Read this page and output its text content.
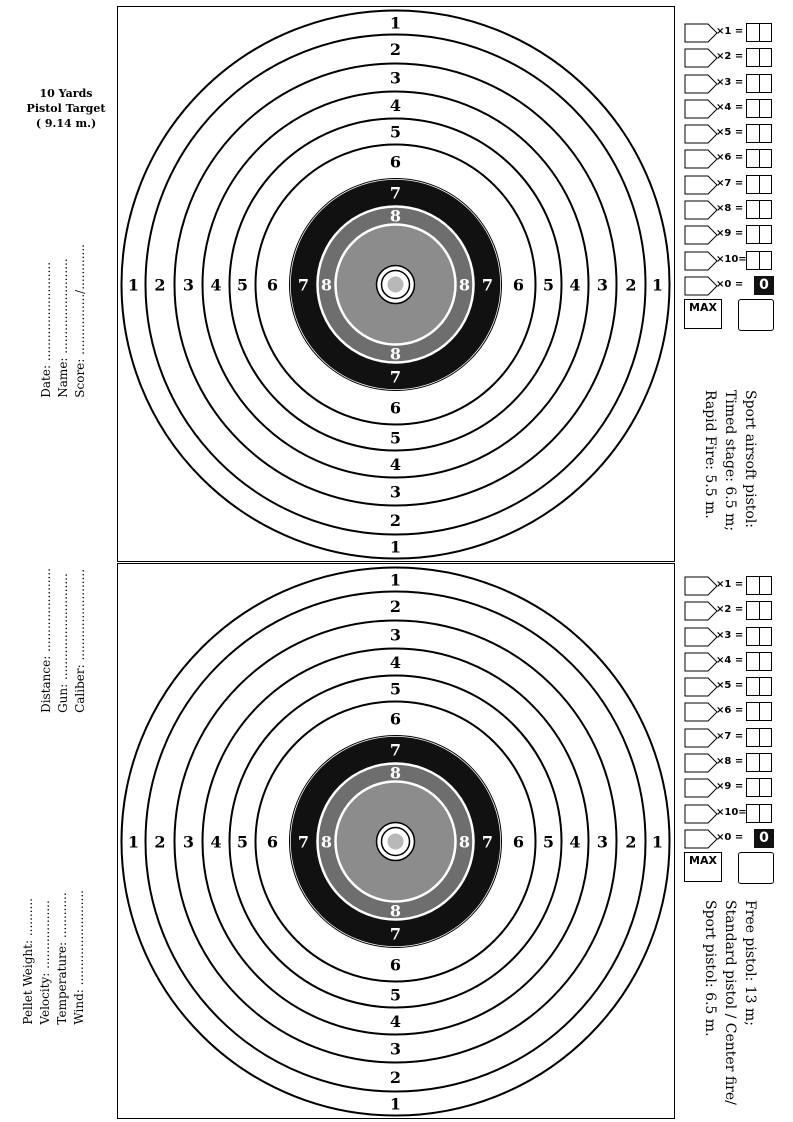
10 Yards
Pistol Target
( 9.14 m.)
Date: .......................... Name: ......................... Score: ................/............
Distance: ...................... Gun: ............................ Caliber: ........................
Pellet Weight: .......... Velocity: .................. Temperature: ............ Wind: .........................
1
1
1	1
2
2
2	2
3
3
3	3
4
4
4	4
5
5
5	5
6
6
6	6
7
7
7	7
8
8
8	8
1
1
1	1
2
2
2	2
3
3
3	3
4
4
4	4
5
5
5	5
6
6
6	6
7
7
7	7
8
8
8	8
Sport airsoft pistol:
Timed stage: 6.5 m;
Rapid Fire: 5.5 m.
Free pistol: 13 m;
Standard pistol / Center fire/
Sport pistol: 6.5 m.
×1 =
×2 =
×3 =
×4 =
×5 =
×6 =
×7 =
×8 =
×9 =
×10=
×0 =	0
MAX
×1 =
×2 =
×3 =
×4 =
×5 =
×6 =
×7 =
×8 =
×9 =
×10=
×0 =	0
MAX
